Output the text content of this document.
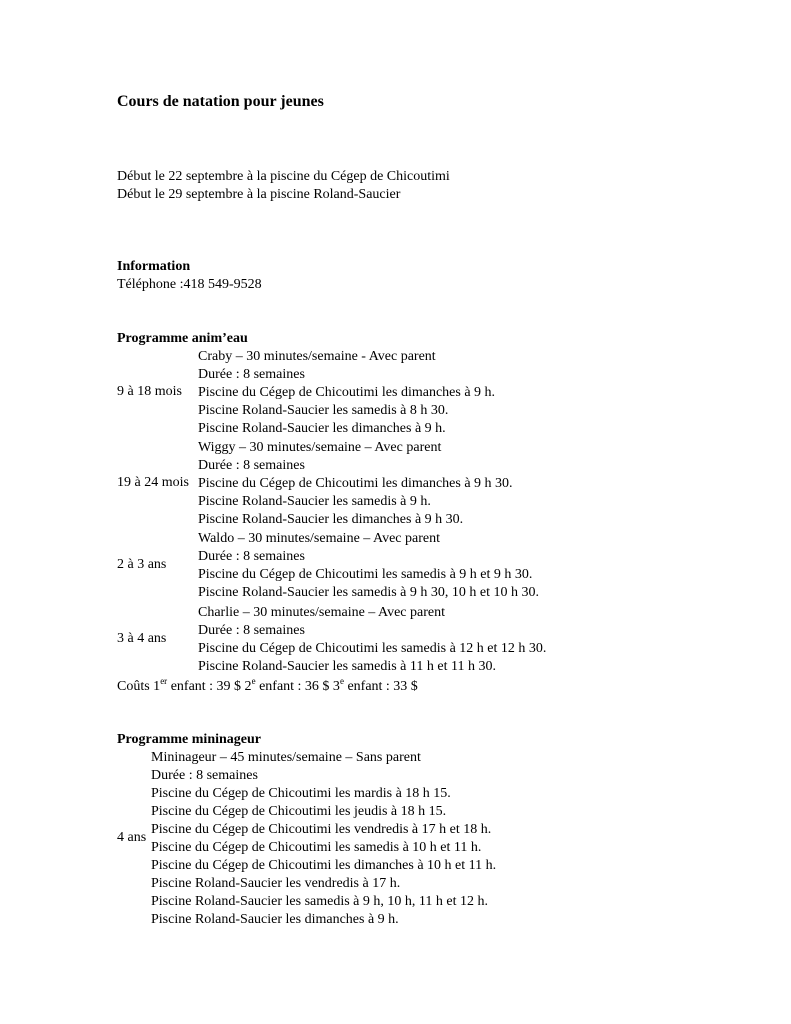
Cours de natation pour jeunes
Début le 22 septembre à la piscine du Cégep de Chicoutimi
Début le 29 septembre à la piscine Roland-Saucier
Information
Téléphone :418 549-9528
Programme anim’eau
9 à 18 mois
Craby – 30 minutes/semaine - Avec parent
Durée : 8 semaines
Piscine du Cégep de Chicoutimi les dimanches à 9 h.
Piscine Roland-Saucier les samedis à 8 h 30.
Piscine Roland-Saucier les dimanches à 9 h.
19 à 24 mois
Wiggy – 30 minutes/semaine – Avec parent
Durée : 8 semaines
Piscine du Cégep de Chicoutimi les dimanches à 9 h 30.
Piscine Roland-Saucier les samedis à 9 h.
Piscine Roland-Saucier les dimanches à 9 h 30.
2 à 3 ans
Waldo – 30 minutes/semaine – Avec parent
Durée : 8 semaines
Piscine du Cégep de Chicoutimi les samedis à 9 h et 9 h 30.
Piscine Roland-Saucier les samedis à 9 h 30, 10 h et 10 h 30.
3 à 4 ans
Charlie – 30 minutes/semaine – Avec parent
Durée : 8 semaines
Piscine du Cégep de Chicoutimi les samedis à 12 h et 12 h 30.
Piscine Roland-Saucier les samedis à 11 h et 11 h 30.
Coûts 1er enfant : 39 $ 2e enfant : 36 $ 3e enfant : 33 $
Programme mininageur
4 ans
Mininageur – 45 minutes/semaine – Sans parent
Durée : 8 semaines
Piscine du Cégep de Chicoutimi les mardis à 18 h 15.
Piscine du Cégep de Chicoutimi les jeudis à 18 h 15.
Piscine du Cégep de Chicoutimi les vendredis à 17 h et 18 h.
Piscine du Cégep de Chicoutimi les samedis à 10 h et 11 h.
Piscine du Cégep de Chicoutimi les dimanches à 10 h et 11 h.
Piscine Roland-Saucier les vendredis à 17 h.
Piscine Roland-Saucier les samedis à 9 h, 10 h, 11 h et 12 h.
Piscine Roland-Saucier les dimanches à 9 h.
